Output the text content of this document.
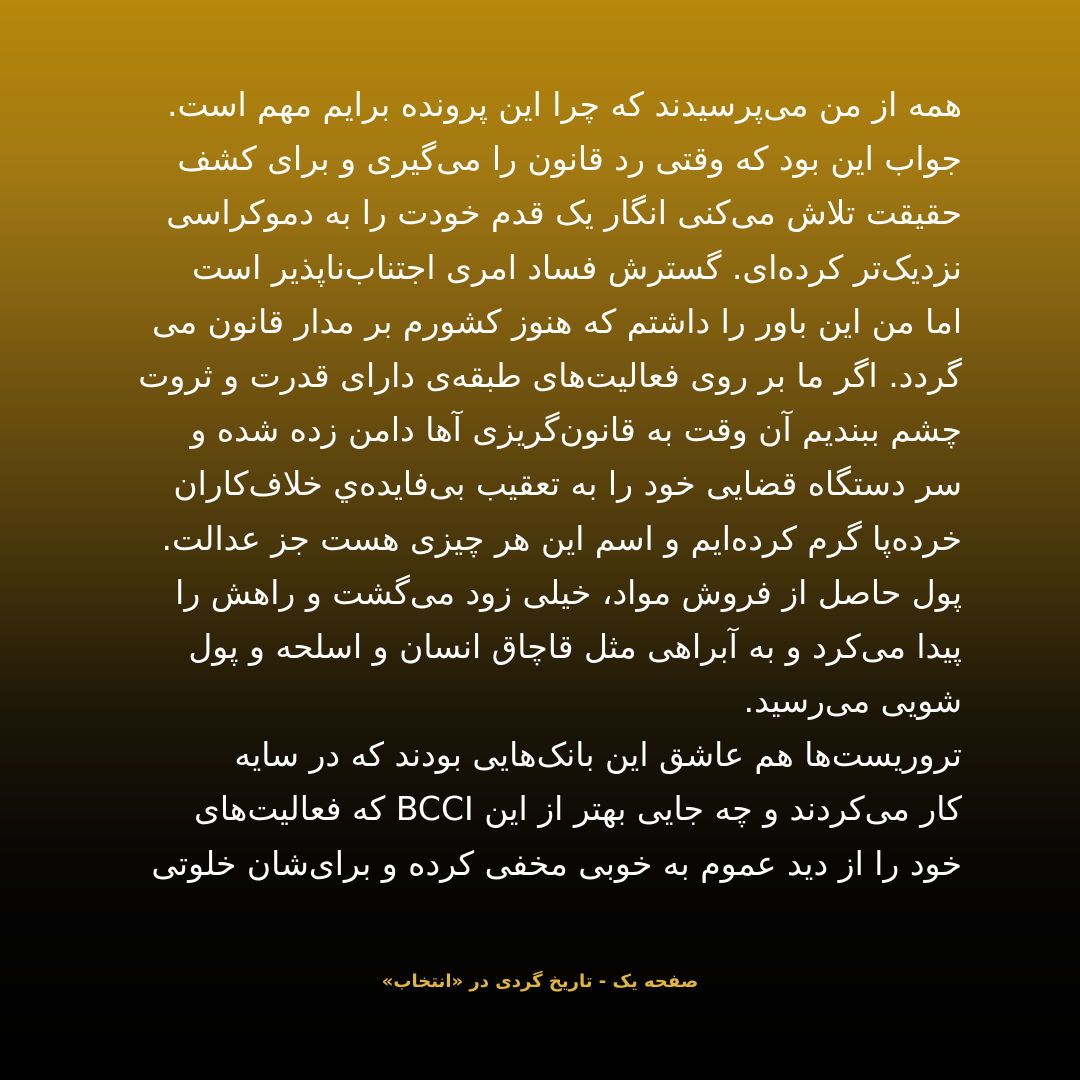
همه از من می‌پرسیدند که چرا این پرونده برایم مهم است.
جواب این بود که وقتی رد قانون را می‌گیری و برای کشف
حقیقت تلاش می‌کنی انگار یک قدم خودت را به دموکراسی
نزدیک‌تر کرده‌ای. گسترش فساد امری اجتناب‌ناپذیر است
اما من این باور را داشتم که هنوز کشورم بر مدار قانون می
گردد. اگر ما بر روی فعالیت‌های طبقه‌ی دارای قدرت و ثروت
چشم ببندیم آن وقت به قانون‌گریزی آها دامن زده شده و
سر دستگاه قضایی خود را به تعقیب بی‌فایده‌ي خلاف‌کاران
خرده‌پا گرم کرده‌ایم و اسم این هر چیزی هست جز عدالت.
پول حاصل از فروش مواد، خیلی زود می‌گشت و راهش را
پیدا می‌کرد و به آبراهی مثل قاچاق انسان و اسلحه و پول
شویی می‌رسید.
تروریست‌ها هم عاشق این بانک‌هایی بودند که در سایه
کار می‌کردند و چه جایی بهتر از این BCCI که فعالیت‌های
خود را از دید عموم به خوبی مخفی کرده و برای‌شان خلوتی
صفحه یک - تاریخ گردی در «انتخاب»
